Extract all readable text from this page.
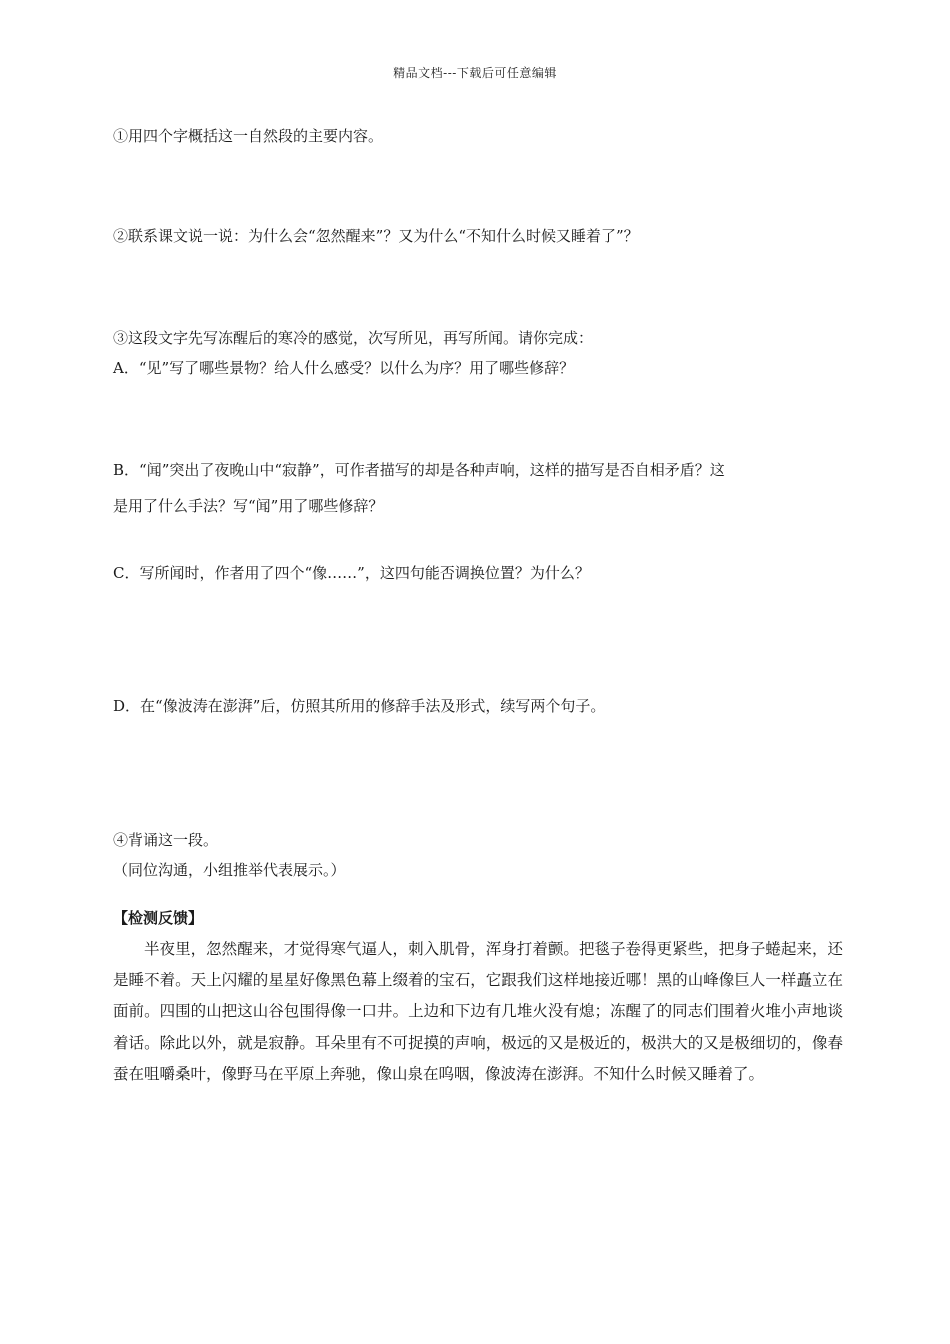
精品文档---下载后可任意编辑
①用四个字概括这一自然段的主要内容。
②联系课文说一说：为什么会“忽然醒来”？又为什么“不知什么时候又睡着了”？
③这段文字先写冻醒后的寒冷的感觉，次写所见，再写所闻。请你完成：
A．“见”写了哪些景物？给人什么感受？以什么为序？用了哪些修辞？
B．“闻”突出了夜晚山中“寂静”，可作者描写的却是各种声响，这样的描写是否自相矛盾？这
是用了什么手法？写“闻”用了哪些修辞？
C．写所闻时，作者用了四个“像……”，这四句能否调换位置？为什么？
D．在“像波涛在澎湃”后，仿照其所用的修辞手法及形式，续写两个句子。
④背诵这一段。
（同位沟通，小组推举代表展示。）
【检测反馈】
半夜里，忽然醒来，才觉得寒气逼人，刺入肌骨，浑身打着颤。把毯子卷得更紧些，把身子蜷起来，还是睡不着。天上闪耀的星星好像黑色幕上缀着的宝石，它跟我们这样地接近哪！黑的山峰像巨人一样矗立在面前。四围的山把这山谷包围得像一口井。上边和下边有几堆火没有熄；冻醒了的同志们围着火堆小声地谈着话。除此以外，就是寂静。耳朵里有不可捉摸的声响，极远的又是极近的，极洪大的又是极细切的，像春蚕在咀嚼桑叶，像野马在平原上奔驰，像山泉在呜咽，像波涛在澎湃。不知什么时候又睡着了。
